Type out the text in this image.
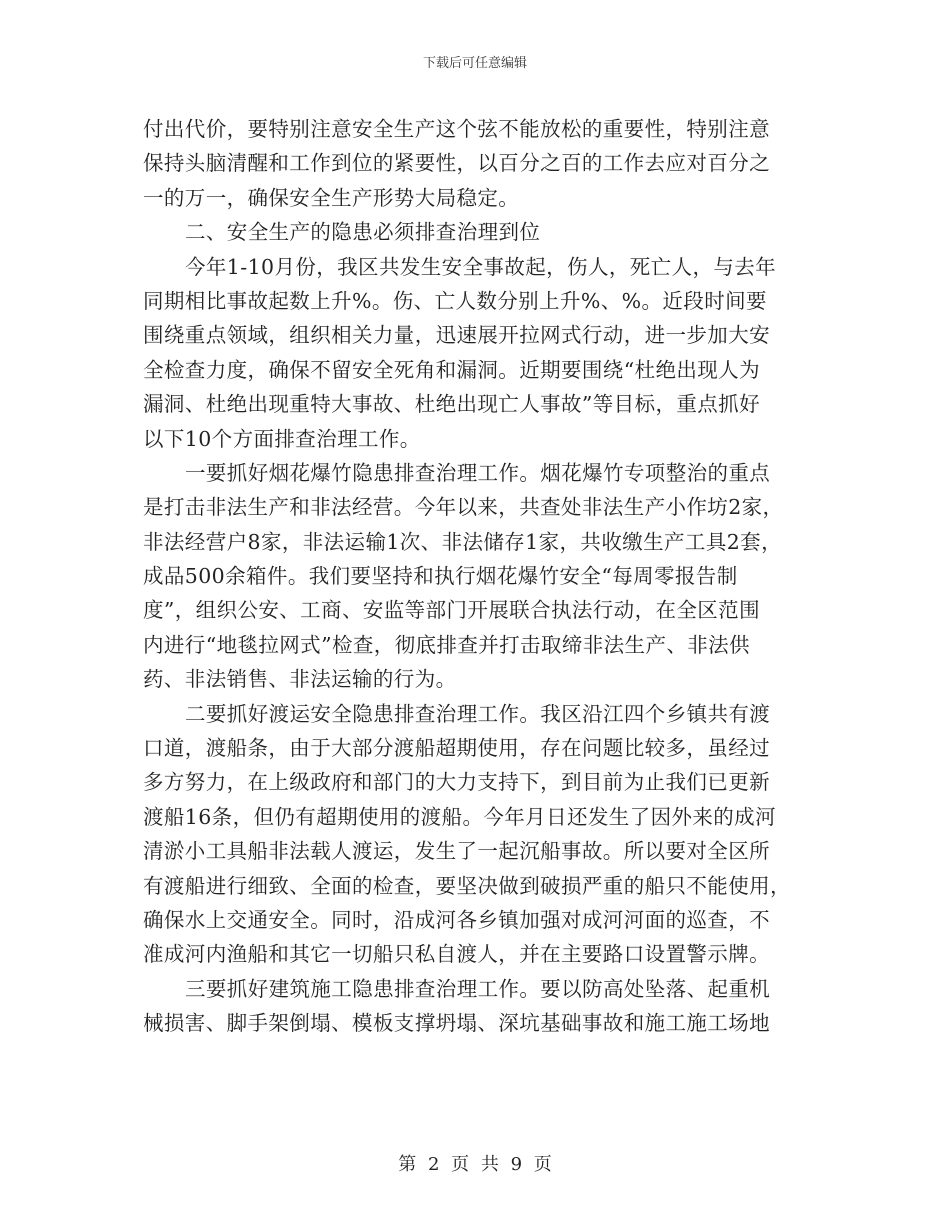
下载后可任意编辑
付出代价，要特别注意安全生产这个弦不能放松的重要性，特别注意
保持头脑清醒和工作到位的紧要性，以百分之百的工作去应对百分之
一的万一，确保安全生产形势大局稳定。
二、安全生产的隐患必须排查治理到位
今年1-10月份，我区共发生安全事故起，伤人，死亡人，与去年
同期相比事故起数上升%。伤、亡人数分别上升%、%。近段时间要
围绕重点领域，组织相关力量，迅速展开拉网式行动，进一步加大安
全检查力度，确保不留安全死角和漏洞。近期要围绕“杜绝出现人为
漏洞、杜绝出现重特大事故、杜绝出现亡人事故”等目标，重点抓好
以下10个方面排查治理工作。
一要抓好烟花爆竹隐患排查治理工作。烟花爆竹专项整治的重点
是打击非法生产和非法经营。今年以来，共查处非法生产小作坊2家，
非法经营户8家，非法运输1次、非法储存1家，共收缴生产工具2套，
成品500余箱件。我们要坚持和执行烟花爆竹安全“每周零报告制
度”，组织公安、工商、安监等部门开展联合执法行动，在全区范围
内进行“地毯拉网式”检查，彻底排查并打击取缔非法生产、非法供
药、非法销售、非法运输的行为。
二要抓好渡运安全隐患排查治理工作。我区沿江四个乡镇共有渡
口道，渡船条，由于大部分渡船超期使用，存在问题比较多，虽经过
多方努力，在上级政府和部门的大力支持下，到目前为止我们已更新
渡船16条，但仍有超期使用的渡船。今年月日还发生了因外来的成河
清淤小工具船非法载人渡运，发生了一起沉船事故。所以要对全区所
有渡船进行细致、全面的检查，要坚决做到破损严重的船只不能使用，
确保水上交通安全。同时，沿成河各乡镇加强对成河河面的巡查，不
准成河内渔船和其它一切船只私自渡人，并在主要路口设置警示牌。
三要抓好建筑施工隐患排查治理工作。要以防高处坠落、起重机
械损害、脚手架倒塌、模板支撑坍塌、深坑基础事故和施工施工场地
第 2 页 共 9 页
